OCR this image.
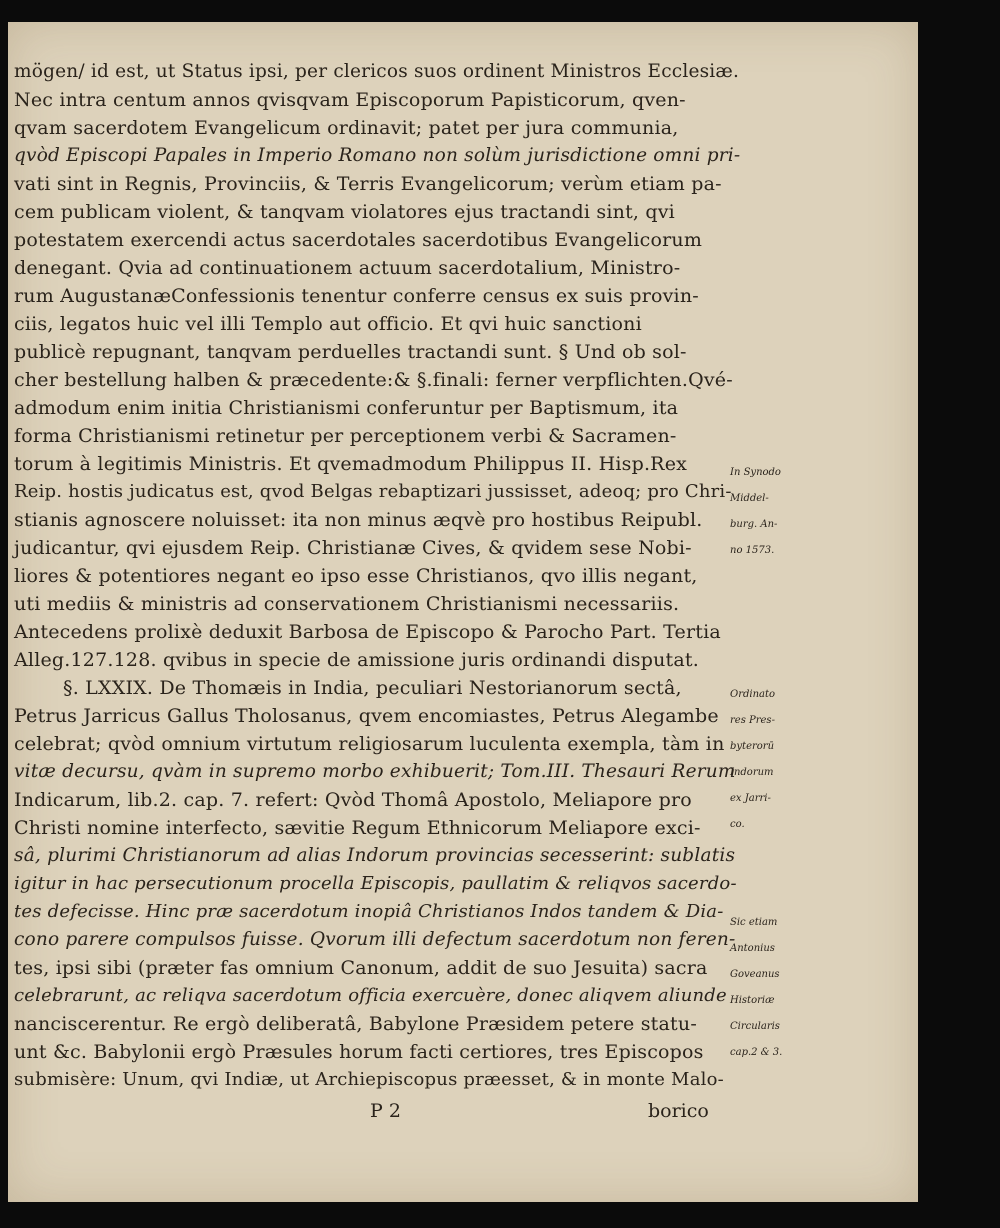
mögen/ id est, ut Status ipsi, per clericos suos ordinent Ministros Ecclesiæ.

Nec intra centum annos qvisqvam Episcoporum Papisticorum, qven-

qvam sacerdotem Evangelicum ordinavit; patet per jura communia,

qvòd Episcopi Papales in Imperio Romano non solùm jurisdictione omni pri-

vati sint in Regnis, Provinciis, & Terris Evangelicorum; verùm etiam pa-

cem publicam violent, & tanqvam violatores ejus tractandi sint, qvi

potestatem exercendi actus sacerdotales sacerdotibus Evangelicorum

denegant. Qvia ad continuationem actuum sacerdotalium, Ministro-

rum AugustanæConfessionis tenentur conferre census ex suis provin-

ciis, legatos huic vel illi Templo aut officio. Et qvi huic sanctioni

publicè repugnant, tanqvam perduelles tractandi sunt. § Und ob sol-

cher bestellung halben & præcedente:& §.finali: ferner verpflichten.Qvé-

admodum enim initia Christianismi conferuntur per Baptismum, ita

forma Christianismi retinetur per perceptionem verbi & Sacramen-

torum à legitimis Ministris. Et qvemadmodum Philippus II. Hisp.Rex

Reip. hostis judicatus est, qvod Belgas rebaptizari jussisset, adeoq; pro Chri-

stianis agnoscere noluisset: ita non minus æqvè pro hostibus Reipubl.

judicantur, qvi ejusdem Reip. Christianæ Cives, & qvidem sese Nobi-

liores & potentiores negant eo ipso esse Christianos, qvo illis negant,

uti mediis & ministris ad conservationem Christianismi necessariis.

Antecedens prolixè deduxit Barbosa de Episcopo & Parocho Part. Tertia

Alleg.127.128. qvibus in specie de amissione juris ordinandi disputat.

§. LXXIX. De Thomæis in India, peculiari Nestorianorum sectâ,

Petrus Jarricus Gallus Tholosanus, qvem encomiastes, Petrus Alegambe

celebrat; qvòd omnium virtutum religiosarum luculenta exempla, tàm in

vitæ decursu, qvàm in supremo morbo exhibuerit; Tom.III. Thesauri Rerum

Indicarum, lib.2. cap. 7. refert: Qvòd Thomâ Apostolo, Meliapore pro

Christi nomine interfecto, sævitie Regum Ethnicorum Meliapore exci-

sâ, plurimi Christianorum ad alias Indorum provincias secesserint: sublatis

igitur in hac persecutionum procella Episcopis, paullatim & reliqvos sacerdo-

tes defecisse. Hinc præ sacerdotum inopiâ Christianos Indos tandem & Dia-

cono parere compulsos fuisse. Qvorum illi defectum sacerdotum non feren-

tes, ipsi sibi (præter fas omnium Canonum, addit de suo Jesuita) sacra

celebrarunt, ac reliqva sacerdotum officia exercuère, donec aliqvem aliunde

nanciscerentur. Re ergò deliberatâ, Babylone Præsidem petere statu-

unt &c. Babylonii ergò Præsules horum facti certiores, tres Episcopos

submisère: Unum, qvi Indiæ, ut Archiepiscopus præesset, & in monte Malo-

In Synodo

Middel-

burg. An-

no 1573.

Ordinato

res Pres-

byterorū

Indorum

ex Jarri-

co.

Sic etiam

Antonius

Goveanus

Historiæ

Circularis

cap.2 & 3.

P 2	borico
